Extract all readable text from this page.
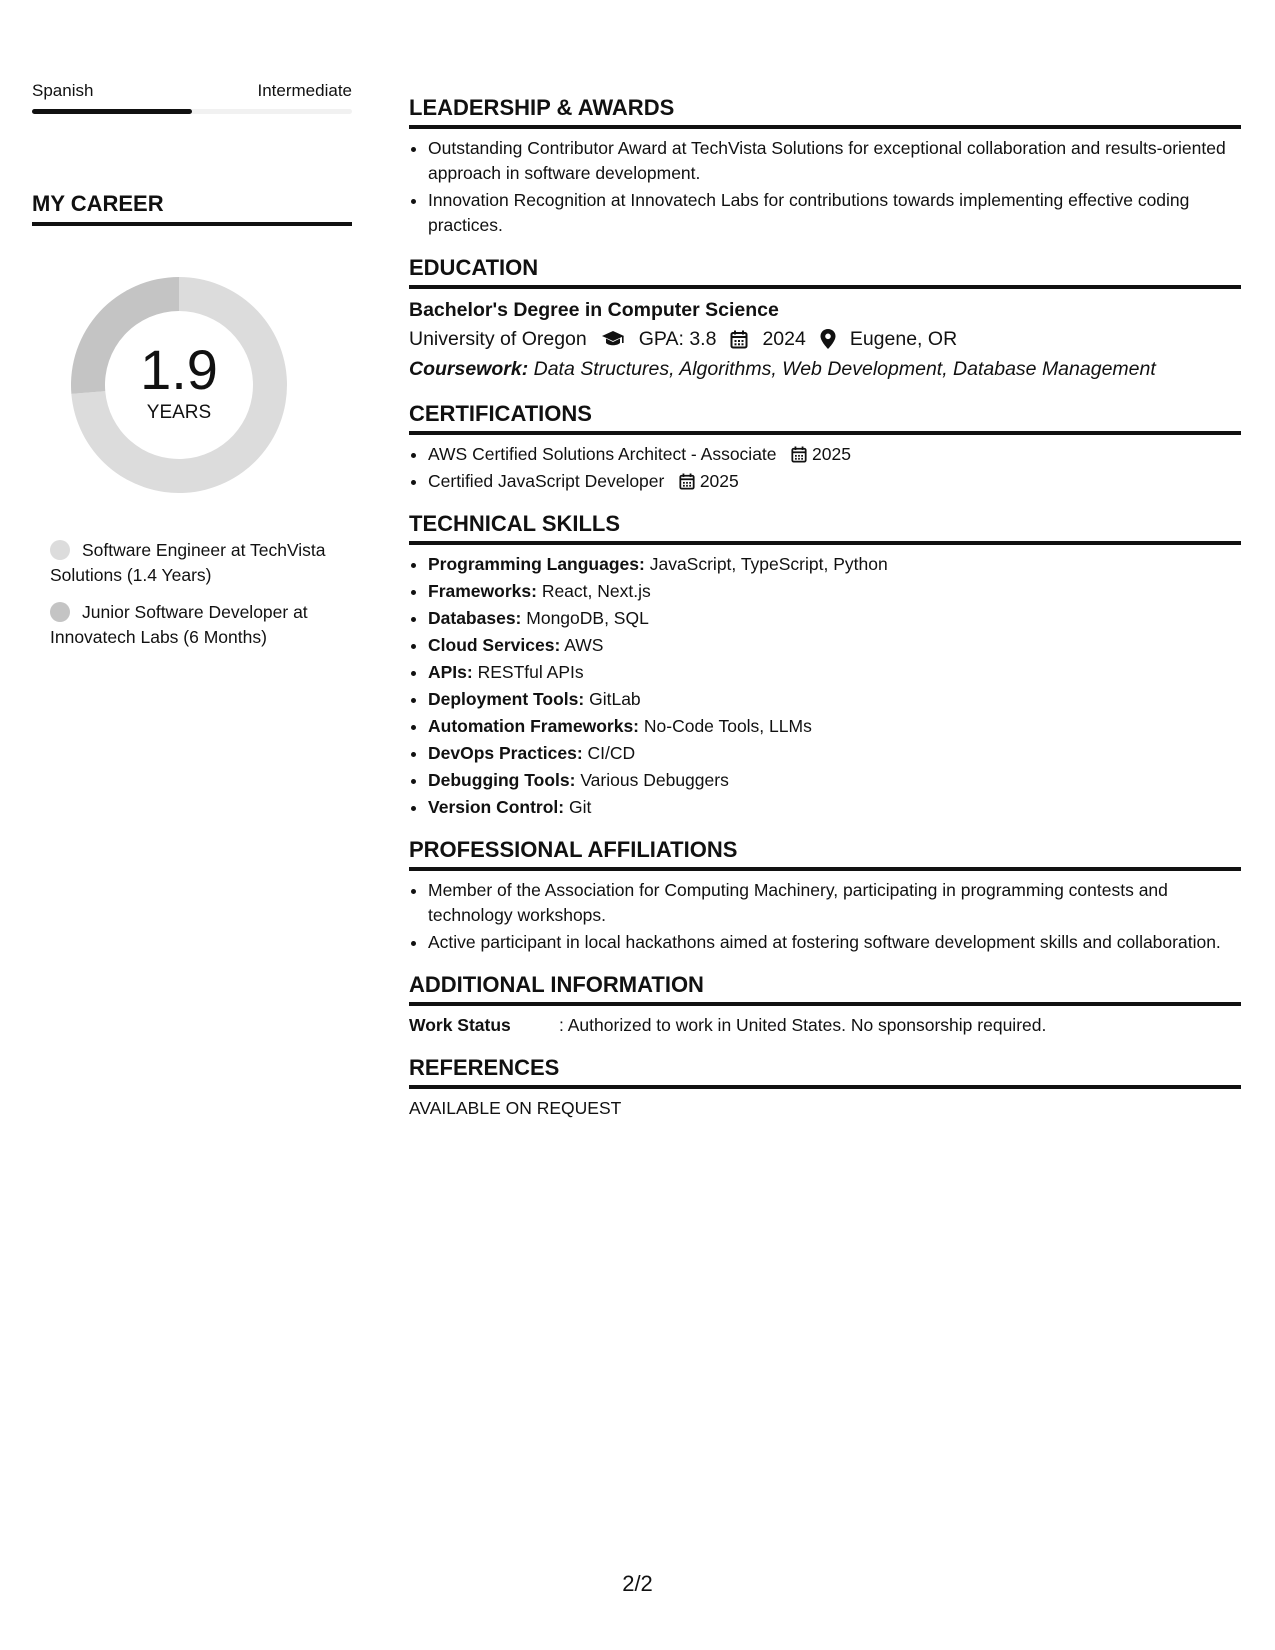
Spanish	Intermediate
MY CAREER
1.9
YEARS
Software Engineer at TechVista Solutions (1.4 Years)
Junior Software Developer at Innovatech Labs (6 Months)
LEADERSHIP & AWARDS
• Outstanding Contributor Award at TechVista Solutions for exceptional collaboration and results-oriented approach in software development.
• Innovation Recognition at Innovatech Labs for contributions towards implementing effective coding practices.
EDUCATION
Bachelor's Degree in Computer Science
University of Oregon	GPA: 3.8 2024 Eugene, OR
Coursework: Data Structures, Algorithms, Web Development, Database Management
CERTIFICATIONS
• AWS Certified Solutions Architect - Associate 2025
• Certified JavaScript Developer 2025
TECHNICAL SKILLS
• Programming Languages: JavaScript, TypeScript, Python
• Frameworks: React, Next.js
• Databases: MongoDB, SQL
• Cloud Services: AWS
• APIs: RESTful APIs
• Deployment Tools: GitLab
• Automation Frameworks: No-Code Tools, LLMs
• DevOps Practices: CI/CD
• Debugging Tools: Various Debuggers
• Version Control: Git
PROFESSIONAL AFFILIATIONS
• Member of the Association for Computing Machinery, participating in programming contests and technology workshops.
• Active participant in local hackathons aimed at fostering software development skills and collaboration.
ADDITIONAL INFORMATION
Work Status	: Authorized to work in United States. No sponsorship required.
REFERENCES
AVAILABLE ON REQUEST
2/2
